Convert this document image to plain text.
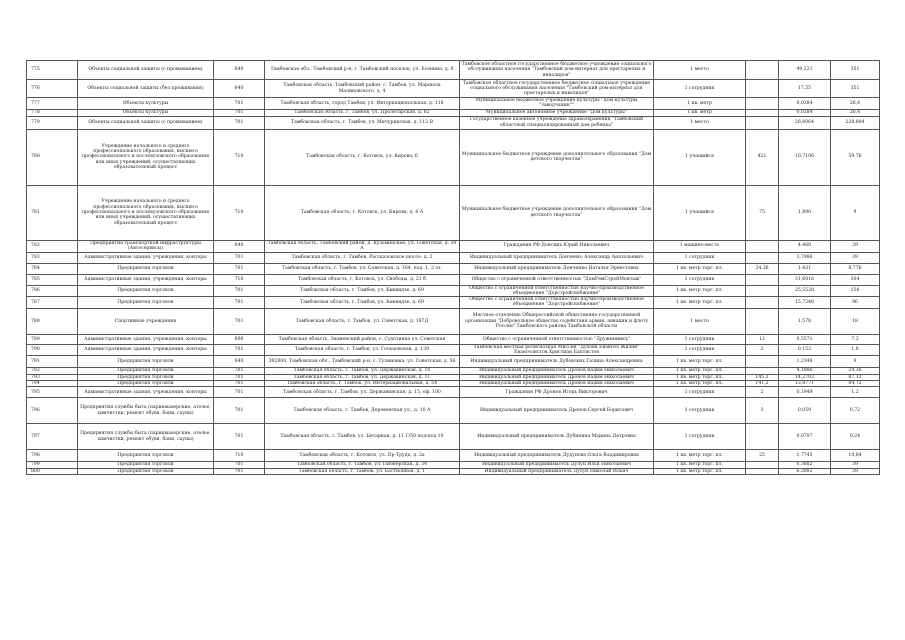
775	Объекты социальной защиты (с проживанием)	640	Тамбовская обл., Тамбовский р-н, г. Тамбовский поселок, ул. Есенина, д. 8	Тамбовское областное государственное бюджетное учреждение социального обслуживания населения "Тамбовский дом-интернат для престарелых и инвалидов"	1 место		49,221	351
776	Объекты социальной защиты (без проживания)	640	Тамбовская область, Тамбовский район, с. Тамбов, ул. Маршала Малиновского, д. 4	Тамбовское областное государственное бюджетное социальное учреждение социального обслуживания населения "Тамбовский дом-интернат для престарелых и инвалидов"	1 сотрудник		17,55	351
777	Объекты культуры	701	Тамбовская область, город Тамбов, ул. Интернациональная, д. 118	Муниципальное бюджетное учреждение культуры "Дом культуры "Заводчанин""	1 кв. метр		0,0384	26,4
778	Объекты культуры	701	Тамбовская область, г. Тамбов, ул. Пролетарская, д. 62	Муниципальное автономное учреждение "Дом культуры"	1 кв. метр		0,0384	26,4
779	Объекты социальной защиты (с проживанием)	701	Тамбовская область, г. Тамбов, ул. Мичуринская, д. 112 В	Государственное казенное учреждение здравоохранения "Тамбовский областной специализированный дом ребенка"	1 место		26,8064	228,804
780	Учреждение начального и среднего профессионального образования, высшего профессионального и послевузовского образования или иных учреждений, осуществляющих образовательный процесс	710	Тамбовская область, г. Котовск, ул. Кирова, 6	Муниципальное бюджетное учреждение дополнительного образования "Дом детского творчества"	1 учащийся	421	10,7106	59,76
781	Учреждение начального и среднего профессионального образования, высшего профессионального и послевузовского образования или иных учреждений, осуществляющих образовательный процесс	710	Тамбовская область, г. Котовск, ул. Кирова, д. 6 А	Муниципальное бюджетное учреждение дополнительного образования "Дом детского творчества"	1 учащийся	75	1,890	9
782	Предприятия транспортной инфраструктуры (Автосервисы)	640	Тамбовская область, Тамбовский район, д. Кузьминское, ул. Советская, д. 30 А	Гражданин РФ Донских Юрий Николаевич	1 машино-место		4,468	39
783	Административные здания, учреждения, конторы	701	Тамбовская область, г. Тамбов, Рассказовское шоссе, д. 2	Индивидуальный предприниматель Донченко Александр Анатольевич	1 сотрудник		3,7986	39
784	Предприятия торговли	701	Тамбовская область, г. Тамбов, ул. Советская, д. 164, под. 1, 2 эт.	Индивидуальный предприниматель Донченко Наталья Эрнестовна	1 кв. метр торг. пл.	34,36	1,431	8,776
785	Административные здания, учреждения, конторы	710	Тамбовская область, г. Котовск, ул. Свободы, д. 21 б	Общество с ограниченной ответственностью "ДомРемСтройМонтаж"	1 сотрудник		31,6016	304
786	Предприятия торговли	701	Тамбовская область, г. Тамбов, ул. Киквидзе, д. 69	Общество с ограниченной ответственностью научно-производственное объединение "Дорстройснабжение"	1 кв. метр торг. пл.		25,5528	156
787	Предприятия торговли	701	Тамбовская область, г. Тамбов, ул. Киквидзе, д. 69	Общество с ограниченной ответственностью научно-производственное объединение "Дорстройснабжение"	1 кв. метр торг. пл.		15,7248	96
788	Спортивные учреждения	701	Тамбовская область, г. Тамбов, ул. Советская, д. 187Д	Местное отделение Общероссийской общественно-государственной организации "Добровольное общество содействия армии, авиации и флоту России" Тамбовского района Тамбовской области	1 место		1,578	18
789	Административные здания, учреждения, конторы	606	Тамбовская область, Знаменский район, с. Сухотинка ул. Советская	Общество с ограниченной ответственностью "Дружинникъ"	1 сотрудник	12	0,5571	7,2
790	Административные здания, учреждения, конторы	701	Тамбовская область, г. Тамбов, ул. Гольцовская, д. 139	Тамбовская местная религиозная Миссия "Духовн Евангел Жизни" Евангелистов Христиан Баптистов	1 сотрудник	3	0,153	1,8
791	Предприятия торговли	640	392000, Тамбовская обл., Тамбовский р-н, с. Тулиновка, ул. Советская, д. 56	Индивидуальный предприниматель Дубовских Галина Александровна	1 кв. метр торг. пл.		1,2348	9
792	Предприятия торговли	701	Тамбовская область, г. Тамбов, ул. Державинская, д. 10	Индивидуальный предприниматель Дронов Вадим Николаевич	1 кв. метр торг. пл.		4,1886	24,36
793	Предприятия торговли	701	Тамбовская область, г. Тамбов, ул. Державинская, д. 11	Индивидуальный предприниматель Дронов Вадим Николаевич	1 кв. метр торг. пл.	145,2	14,2703	87,12
794	Предприятия торговли	701	Тамбовская область, г. Тамбов, ул. Интернациональная, д. 54	Индивидуальный предприниматель Дронов Вадим Николаевич	1 кв. метр торг. пл.	141,2	13,8771	84,72
795	Административные здания, учреждения, конторы	701	Тамбовская область, г. Тамбов, ул. Державинская, д. 15, оф. 100	Гражданин РФ Дронов Игорь Викторович	1 сотрудник	2	0,1949	1,2
796	Предприятия службы быта (парикмахерские, ателье, химчистки, ремонт обуви, бани, сауны)	701	Тамбовская область, г. Тамбов, Деревенская ул., д. 10 А	Индивидуальный предприниматель Дронов Сергей Борисович	1 сотрудник	3	0,059	0,72
797	Предприятия службы быта (парикмахерские, ателье, химчистки, ремонт обуви, бани, сауны)	701	Тамбовская область, г. Тамбов, ул. Бетарная, д. 11 Г/50 под-под 10	Индивидуальный предприниматель Дубинина Марина Петровна	1 сотрудник		0,0797	0,24
798	Предприятия торговли	710	Тамбовская область, г. Котовск, ул. Пр-Труда, д. 2а	Индивидуальный предприниматель Дудунова Ольга Владимировна	1 кв. метр торг. пл.	25	1,7745	10,84
799	Предприятия торговли	701	Тамбовская область, г. Тамбов, ул. Пионерская, д. 34	Индивидуальный предприниматель Дулуп Илья Николаевич	1 кв. метр торг. пл.		6,3882	39
800	Предприятия торговли	701	Тамбовская область, г. Тамбов, ул. Бастионная, д. 1	Индивидуальный предприниматель Дулуп Николай Ильич	1 кв. метр торг. пл.		6,3882	39
